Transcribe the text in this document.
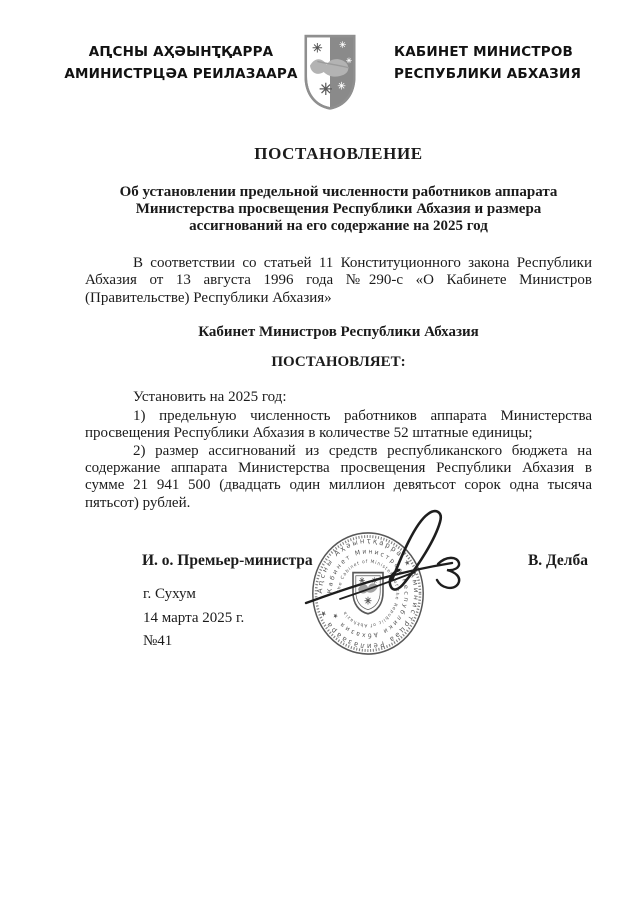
АԤСНЫ АҲӘЫНҬҚАРРА
АМИНИСТРЦӘА РЕИЛАЗААРА
КАБИНЕТ МИНИСТРОВ
РЕСПУБЛИКИ АБХАЗИЯ

ПОСТАНОВЛЕНИЕ

Об установлении предельной численности работников аппарата Министерства просвещения Республики Абхазия и размера ассигнований на его содержание на 2025 год

В соответствии со статьей 11 Конституционного закона Республики Абхазия от 13 августа 1996 года №290-с «О Кабинете Министров (Правительстве) Республики Абхазия»

Кабинет Министров Республики Абхазия

ПОСТАНОВЛЯЕТ:

Установить на 2025 год:

1) предельную численность работников аппарата Министерства просвещения Республики Абхазия в количестве 52 штатные единицы;

2) размер ассигнований из средств республиканского бюджета на содержание аппарата Министерства просвещения Республики Абхазия в сумме 21 941 500 (двадцать один миллион девятьсот сорок одна тысяча пятьсот) рублей.

И. о. Премьер-министра	В. Делба
г. Сухум
14 марта 2025 г.
№41
Аԥсны Аҳәынҭқарра ★ Аминистрцәа Реилазаара ★
Кабинет Министров Республики Абхазия ★
The Cabinet of Ministers of the Republic of Abkhazia
